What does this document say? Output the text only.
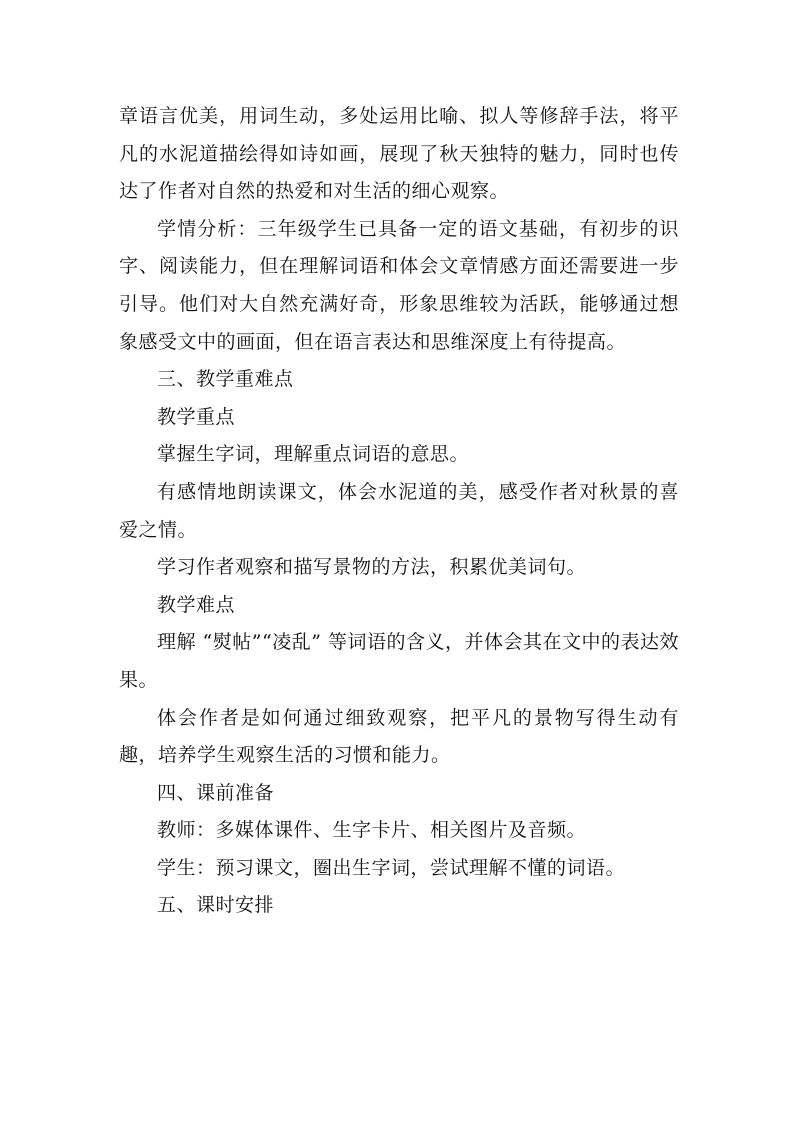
章语言优美，用词生动，多处运用比喻、拟人等修辞手法，将平凡的水泥道描绘得如诗如画，展现了秋天独特的魅力，同时也传达了作者对自然的热爱和对生活的细心观察。

学情分析：三年级学生已具备一定的语文基础，有初步的识字、阅读能力，但在理解词语和体会文章情感方面还需要进一步引导。他们对大自然充满好奇，形象思维较为活跃，能够通过想象感受文中的画面，但在语言表达和思维深度上有待提高。

三、教学重难点

教学重点

掌握生字词，理解重点词语的意思。

有感情地朗读课文，体会水泥道的美，感受作者对秋景的喜爱之情。

学习作者观察和描写景物的方法，积累优美词句。

教学难点

理解 “熨帖”“凌乱” 等词语的含义，并体会其在文中的表达效果。

体会作者是如何通过细致观察，把平凡的景物写得生动有趣，培养学生观察生活的习惯和能力。

四、课前准备

教师：多媒体课件、生字卡片、相关图片及音频。

学生：预习课文，圈出生字词，尝试理解不懂的词语。

五、课时安排
